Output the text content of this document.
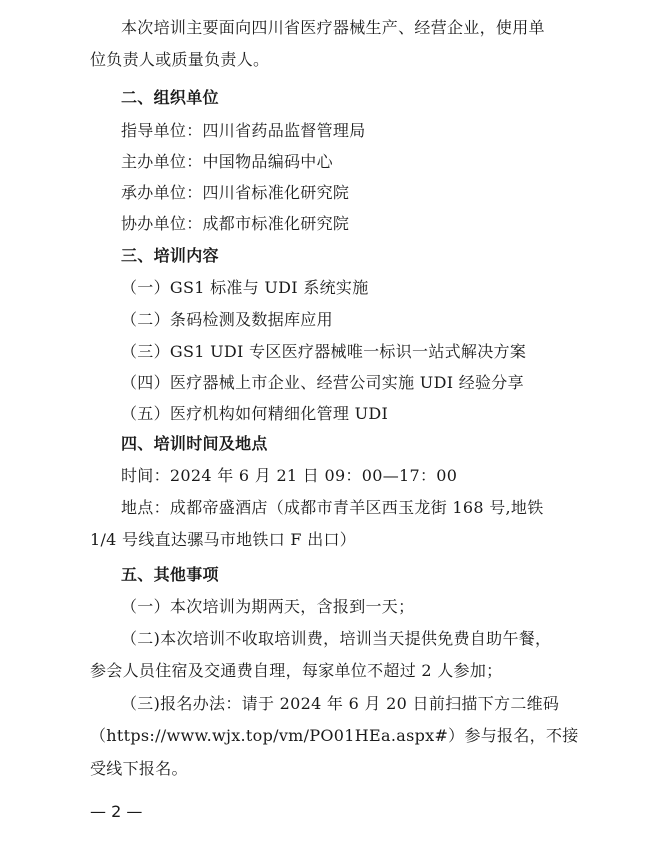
本次培训主要面向四川省医疗器械生产、经营企业，使用单
位负责人或质量负责人。
二、组织单位
指导单位：四川省药品监督管理局
主办单位：中国物品编码中心
承办单位：四川省标准化研究院
协办单位：成都市标准化研究院
三、培训内容
（一）GS1 标准与 UDI 系统实施
（二）条码检测及数据库应用
（三）GS1 UDI 专区医疗器械唯一标识一站式解决方案
（四）医疗器械上市企业、经营公司实施 UDI 经验分享
（五）医疗机构如何精细化管理 UDI
四、培训时间及地点
时间：2024 年 6 月 21 日 09：00—17：00
地点：成都帝盛酒店（成都市青羊区西玉龙街 168 号,地铁
1/4 号线直达骡马市地铁口 F 出口）
五、其他事项
（一）本次培训为期两天，含报到一天；
（二)本次培训不收取培训费，培训当天提供免费自助午餐，
参会人员住宿及交通费自理，每家单位不超过 2 人参加；
（三)报名办法：请于 2024 年 6 月 20 日前扫描下方二维码
（https://www.wjx.top/vm/PO01HEa.aspx#）参与报名，不接
受线下报名。
— 2 —
